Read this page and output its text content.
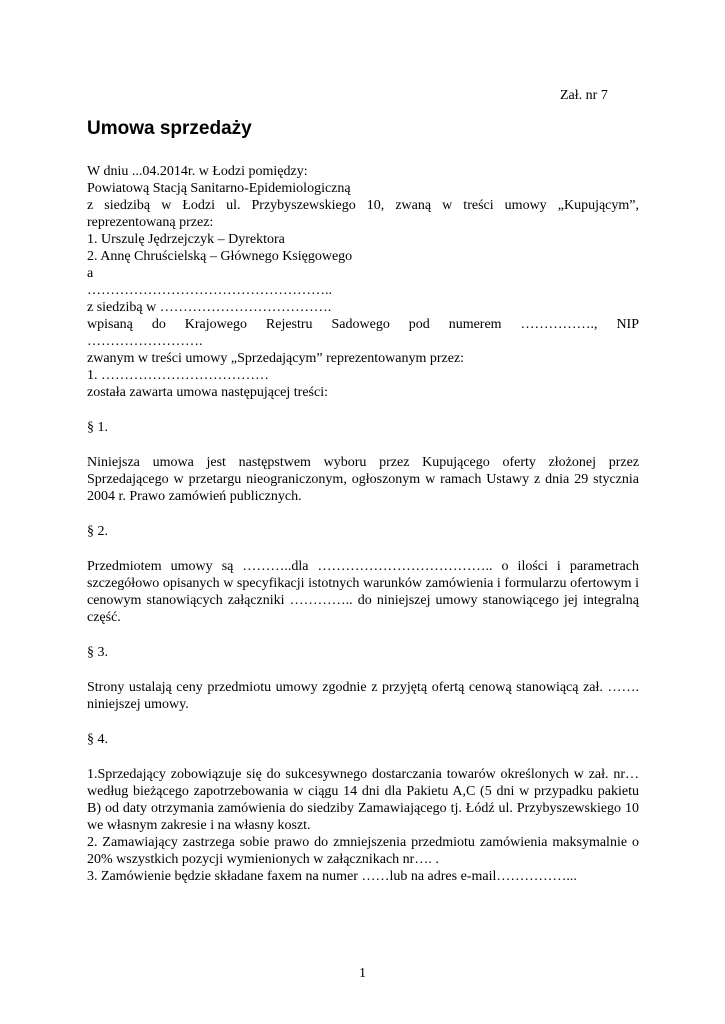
Zał. nr 7
Umowa sprzedaży

W dniu ...04.2014r. w Łodzi pomiędzy:

Powiatową Stacją Sanitarno-Epidemiologiczną

z siedzibą w Łodzi ul. Przybyszewskiego 10, zwaną w treści umowy „Kupującym”,

reprezentowaną przez:

1. Urszulę Jędrzejczyk – Dyrektora

2. Annę Chruścielską – Głównego Księgowego

a

……………………………………………..

z siedzibą w ……………………………….

wpisaną do Krajowego Rejestru Sadowego pod numerem ……………., NIP

…………………….

zwanym w treści umowy „Sprzedającym” reprezentowanym przez:

1. ………………………………

została zawarta umowa następującej treści:

§ 1.

Niniejsza umowa jest następstwem wyboru przez Kupującego oferty złożonej przez Sprzedającego w przetargu nieograniczonym, ogłoszonym w ramach Ustawy z dnia 29 stycznia 2004 r. Prawo zamówień publicznych.

§ 2.

Przedmiotem umowy są ………..dla ……………………………….. o ilości i parametrach szczegółowo opisanych w specyfikacji istotnych warunków zamówienia i formularzu ofertowym i cenowym stanowiących załączniki ………….. do niniejszej umowy stanowiącego jej integralną część.

§ 3.

Strony ustalają ceny przedmiotu umowy zgodnie z przyjętą ofertą cenową stanowiącą zał. ……. niniejszej umowy.

§ 4.

1.Sprzedający zobowiązuje się do sukcesywnego dostarczania towarów określonych w zał. nr… według bieżącego zapotrzebowania w ciągu 14 dni dla Pakietu A,C (5 dni w przypadku pakietu B) od daty otrzymania zamówienia do siedziby Zamawiającego tj. Łódź ul. Przybyszewskiego 10 we własnym zakresie i na własny koszt.

2. Zamawiający zastrzega sobie prawo do zmniejszenia przedmiotu zamówienia maksymalnie o 20% wszystkich pozycji wymienionych w załącznikach nr…. .

3. Zamówienie będzie składane faxem na numer ……lub na adres e-mail……………...

1
